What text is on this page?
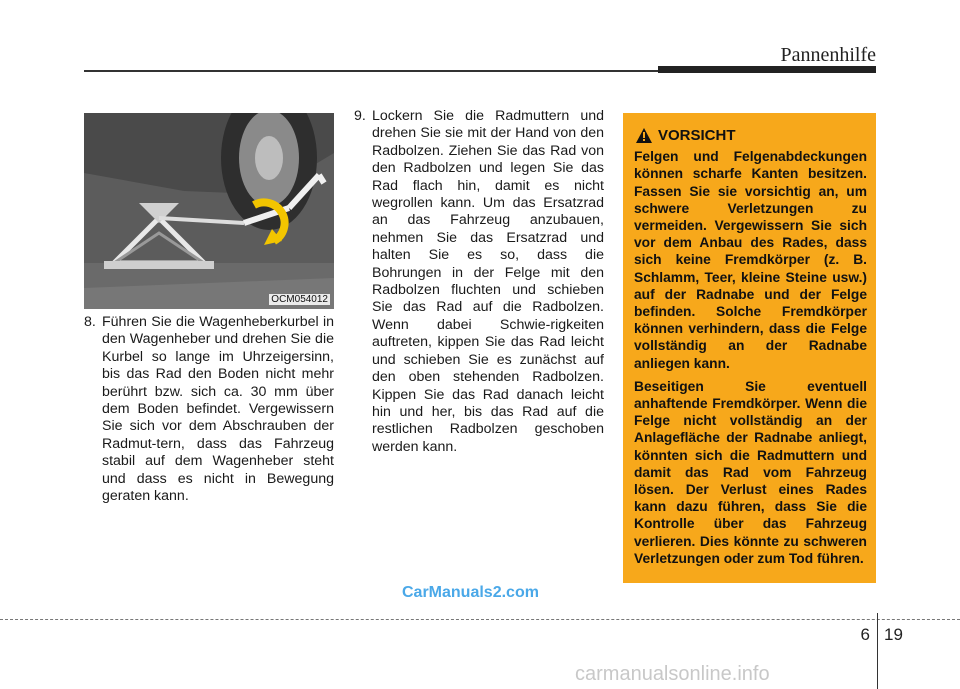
Pannenhilfe
OCM054012
8. Führen Sie die Wagenheberkurbel in den Wagenheber und drehen Sie die Kurbel so lange im Uhrzeigersinn, bis das Rad den Boden nicht mehr berührt bzw. sich ca. 30 mm über dem Boden befindet. Vergewissern Sie sich vor dem Abschrauben der Radmut-tern, dass das Fahrzeug stabil auf dem Wagenheber steht und dass es nicht in Bewegung geraten kann.
9. Lockern Sie die Radmuttern und drehen Sie sie mit der Hand von den Radbolzen. Ziehen Sie das Rad von den Radbolzen und legen Sie das Rad flach hin, damit es nicht wegrollen kann. Um das Ersatzrad an das Fahrzeug anzubauen, nehmen Sie das Ersatzrad und halten Sie es so, dass die Bohrungen in der Felge mit den Radbolzen fluchten und schieben Sie das Rad auf die Radbolzen. Wenn dabei Schwie-rigkeiten auftreten, kippen Sie das Rad leicht und schieben Sie es zunächst auf den oben stehenden Radbolzen. Kippen Sie das Rad danach leicht hin und her, bis das Rad auf die restlichen Radbolzen geschoben werden kann.
VORSICHT

Felgen und Felgenabdeckungen können scharfe Kanten besitzen. Fassen Sie sie vorsichtig an, um schwere Verletzungen zu vermeiden. Vergewissern Sie sich vor dem Anbau des Rades, dass sich keine Fremdkörper (z. B. Schlamm, Teer, kleine Steine usw.) auf der Radnabe und der Felge befinden. Solche Fremdkörper können verhindern, dass die Felge vollständig an der Radnabe anliegen kann.

Beseitigen Sie eventuell anhaftende Fremdkörper. Wenn die Felge nicht vollständig an der Anlagefläche der Radnabe anliegt, könnten sich die Radmuttern und damit das Rad vom Fahrzeug lösen. Der Verlust eines Rades kann dazu führen, dass Sie die Kontrolle über das Fahrzeug verlieren. Dies könnte zu schweren Verletzungen oder zum Tod führen.

CarManuals2.com
6 19
carmanualsonline.info
